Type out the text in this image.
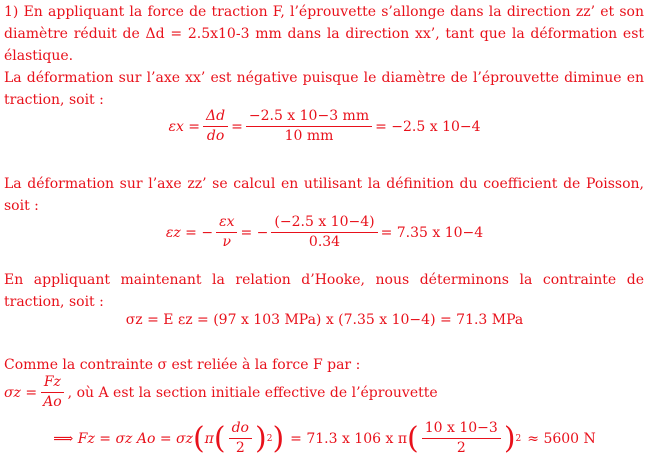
1) En appliquant la force de traction F, l’éprouvette s’allonge dans la direction zz’ et son diamètre réduit de Δd = 2.5x10-3 mm dans la direction xx’, tant que la déformation est élastique.
La déformation sur l’axe xx’ est négative puisque le diamètre de l’éprouvette diminue en traction, soit :
$\varepsilon x = \frac{\Delta d}{do} = \frac{-2.5 x 10-3 mm}{10 mm} = -2.5$ x 10−4
La déformation sur l’axe zz’ se calcul en utilisant la définition du coefficient de Poisson, soit :
εz = − $\frac{\varepsilon x}{\nu}$ = − $\frac{(-2.5 x 10-4)}{0.34} = 7.35$ x 10−4
En appliquant maintenant la relation d’Hooke, nous déterminons la contrainte de traction, soit :
σz = E εz = (97 x 103 MPa) x (7.35 x 10−4) = 71.3 MPa
Comme la contrainte σ est reliée à la force F par :
$\sigma z = \frac{Fz}{Ao}$ , où A est la section initiale effective de l’éprouvette
⟹ Fz = σz Ao = σz ( π ( $\frac{do}{2}$ ) 2 ) = 71.3 x 106 x π ( $\frac{10 x 10-3}{2}$ ) 2 ≈ 5600 N
